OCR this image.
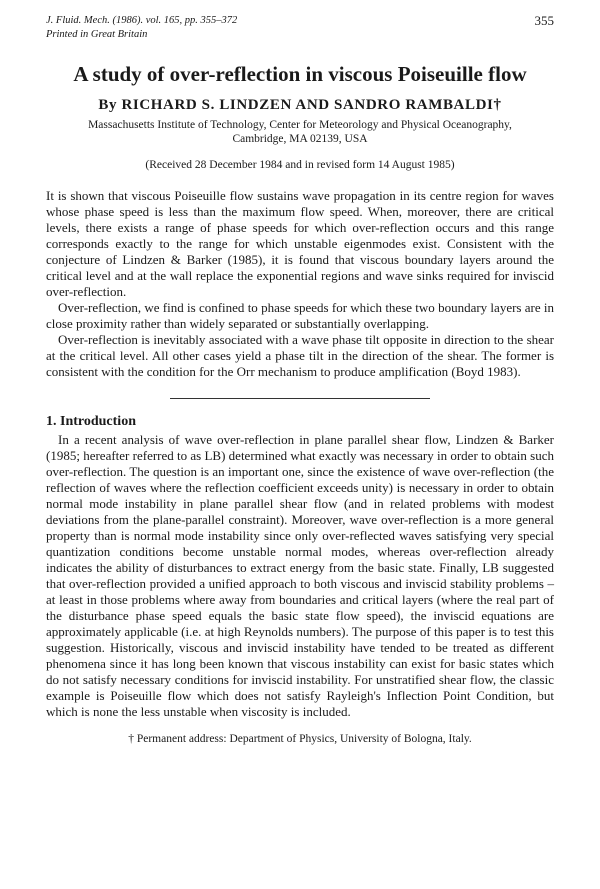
J. Fluid. Mech. (1986). vol. 165, pp. 355–372

Printed in Great Britain

355

A study of over-reflection in viscous Poiseuille flow

By RICHARD S. LINDZEN AND SANDRO RAMBALDI†

Massachusetts Institute of Technology, Center for Meteorology and Physical Oceanography, Cambridge, MA 02139, USA

(Received 28 December 1984 and in revised form 14 August 1985)

It is shown that viscous Poiseuille flow sustains wave propagation in its centre region for waves whose phase speed is less than the maximum flow speed. When, moreover, there are critical levels, there exists a range of phase speeds for which over-reflection occurs and this range corresponds exactly to the range for which unstable eigenmodes exist. Consistent with the conjecture of Lindzen & Barker (1985), it is found that viscous boundary layers around the critical level and at the wall replace the exponential regions and wave sinks required for inviscid over-reflection.

Over-reflection, we find is confined to phase speeds for which these two boundary layers are in close proximity rather than widely separated or substantially overlapping.

Over-reflection is inevitably associated with a wave phase tilt opposite in direction to the shear at the critical level. All other cases yield a phase tilt in the direction of the shear. The former is consistent with the condition for the Orr mechanism to produce amplification (Boyd 1983).

1. Introduction

In a recent analysis of wave over-reflection in plane parallel shear flow, Lindzen & Barker (1985; hereafter referred to as LB) determined what exactly was necessary in order to obtain such over-reflection. The question is an important one, since the existence of wave over-reflection (the reflection of waves where the reflection coefficient exceeds unity) is necessary in order to obtain normal mode instability in plane parallel shear flow (and in related problems with modest deviations from the plane-parallel constraint). Moreover, wave over-reflection is a more general property than is normal mode instability since only over-reflected waves satisfying very special quantization conditions become unstable normal modes, whereas over-reflection already indicates the ability of disturbances to extract energy from the basic state. Finally, LB suggested that over-reflection provided a unified approach to both viscous and inviscid stability problems – at least in those problems where away from boundaries and critical layers (where the real part of the disturbance phase speed equals the basic state flow speed), the inviscid equations are approximately applicable (i.e. at high Reynolds numbers). The purpose of this paper is to test this suggestion. Historically, viscous and inviscid instability have tended to be treated as different phenomena since it has long been known that viscous instability can exist for basic states which do not satisfy necessary conditions for inviscid instability. For unstratified shear flow, the classic example is Poiseuille flow which does not satisfy Rayleigh's Inflection Point Condition, but which is none the less unstable when viscosity is included.

† Permanent address: Department of Physics, University of Bologna, Italy.
